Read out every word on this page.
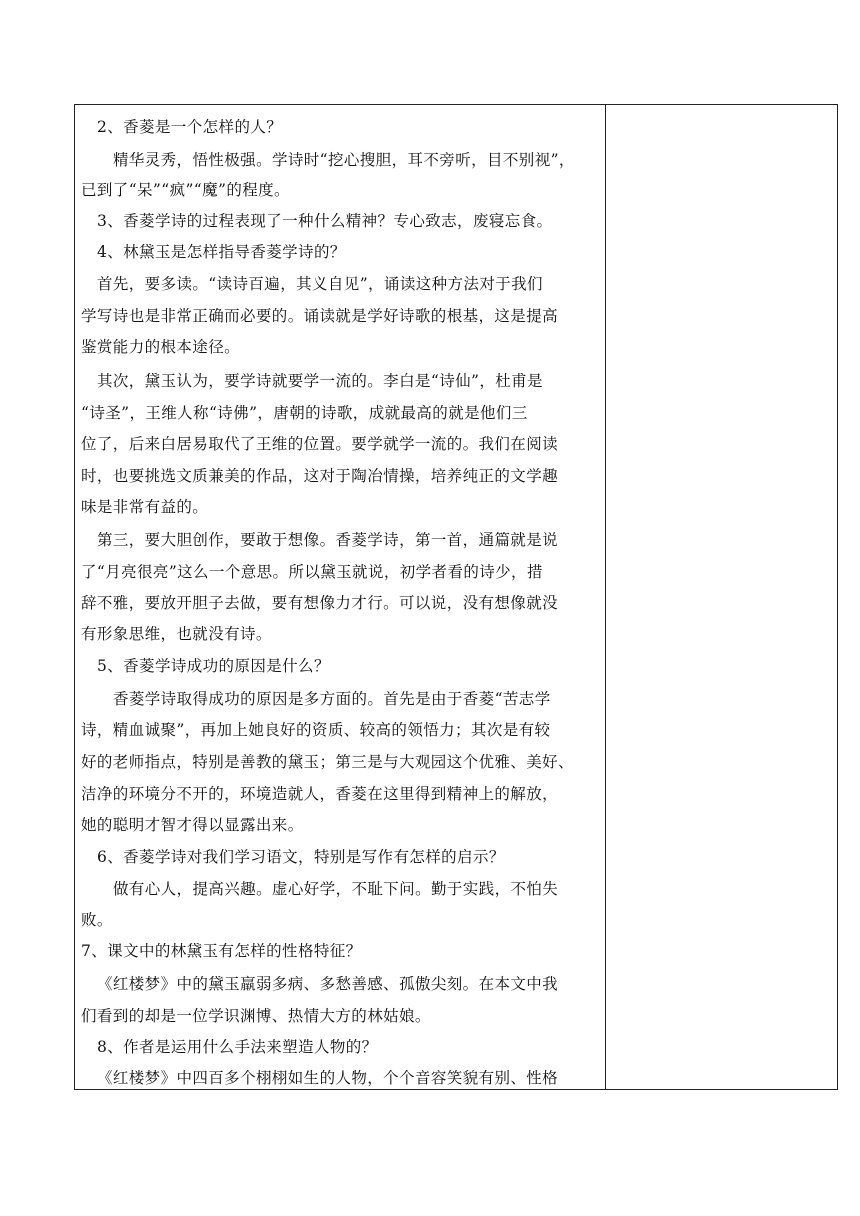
2、香菱是一个怎样的人？
精华灵秀，悟性极强。学诗时“挖心搜胆，耳不旁听，目不别视”，
已到了“呆”“疯”“魔”的程度。
3、香菱学诗的过程表现了一种什么精神？专心致志，废寝忘食。
4、林黛玉是怎样指导香菱学诗的？
首先，要多读。“读诗百遍，其义自见”，诵读这种方法对于我们
学写诗也是非常正确而必要的。诵读就是学好诗歌的根基，这是提高
鉴赏能力的根本途径。
其次，黛玉认为，要学诗就要学一流的。李白是“诗仙”，杜甫是
“诗圣”，王维人称“诗佛”，唐朝的诗歌，成就最高的就是他们三
位了，后来白居易取代了王维的位置。要学就学一流的。我们在阅读
时，也要挑选文质兼美的作品，这对于陶冶情操，培养纯正的文学趣
味是非常有益的。
第三，要大胆创作，要敢于想像。香菱学诗，第一首，通篇就是说
了“月亮很亮”这么一个意思。所以黛玉就说，初学者看的诗少，措
辞不雅，要放开胆子去做，要有想像力才行。可以说，没有想像就没
有形象思维，也就没有诗。
5、香菱学诗成功的原因是什么？
香菱学诗取得成功的原因是多方面的。首先是由于香菱“苦志学
诗，精血诚聚”，再加上她良好的资质、较高的领悟力；其次是有较
好的老师指点，特别是善教的黛玉；第三是与大观园这个优雅、美好、
洁净的环境分不开的，环境造就人，香菱在这里得到精神上的解放，
她的聪明才智才得以显露出来。
6、香菱学诗对我们学习语文，特别是写作有怎样的启示？
做有心人，提高兴趣。虚心好学，不耻下问。勤于实践，不怕失
败。
7、课文中的林黛玉有怎样的性格特征？
《红楼梦》中的黛玉羸弱多病、多愁善感、孤傲尖刻。在本文中我
们看到的却是一位学识渊博、热情大方的林姑娘。
8、作者是运用什么手法来塑造人物的？
《红楼梦》中四百多个栩栩如生的人物，个个音容笑貌有别、性格
